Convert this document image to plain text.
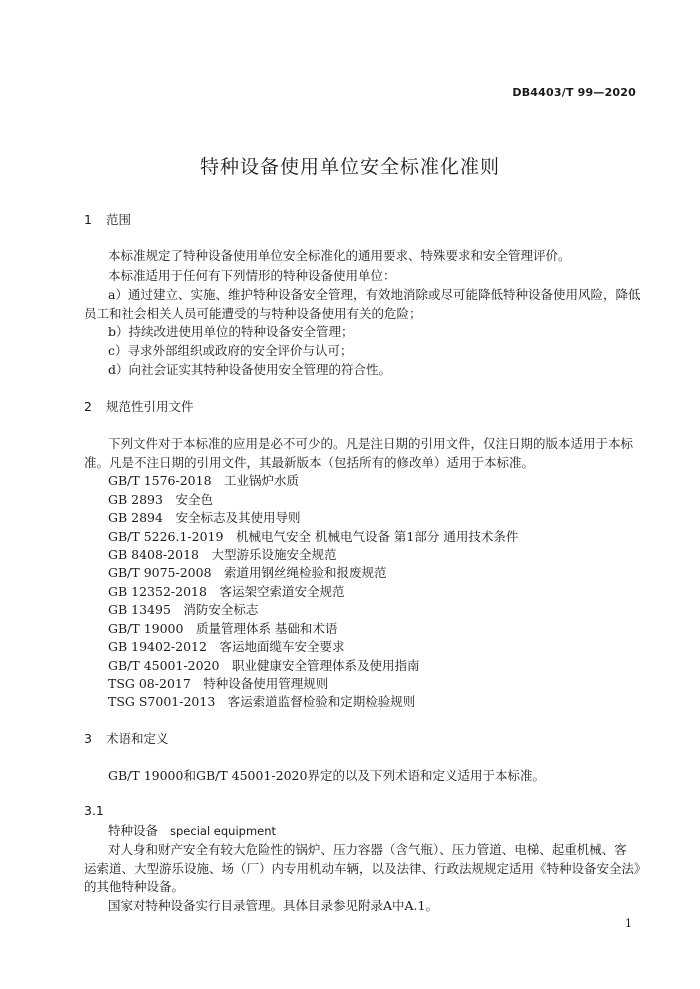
DB4403/T 99—2020
特种设备使用单位安全标准化准则
1 范围
本标准规定了特种设备使用单位安全标准化的通用要求、特殊要求和安全管理评价。
本标准适用于任何有下列情形的特种设备使用单位：
a）通过建立、实施、维护特种设备安全管理，有效地消除或尽可能降低特种设备使用风险，降低
员工和社会相关人员可能遭受的与特种设备使用有关的危险；
b）持续改进使用单位的特种设备安全管理；
c）寻求外部组织或政府的安全评价与认可；
d）向社会证实其特种设备使用安全管理的符合性。
2 规范性引用文件
下列文件对于本标准的应用是必不可少的。凡是注日期的引用文件，仅注日期的版本适用于本标
准。凡是不注日期的引用文件，其最新版本（包括所有的修改单）适用于本标准。
GB/T 1576-2018　工业锅炉水质
GB 2893　安全色
GB 2894　安全标志及其使用导则
GB/T 5226.1-2019　机械电气安全 机械电气设备 第1部分 通用技术条件
GB 8408-2018　大型游乐设施安全规范
GB/T 9075-2008　索道用钢丝绳检验和报废规范
GB 12352-2018　客运架空索道安全规范
GB 13495　消防安全标志
GB/T 19000　质量管理体系 基础和术语
GB 19402-2012　客运地面缆车安全要求
GB/T 45001-2020　职业健康安全管理体系及使用指南
TSG 08-2017　特种设备使用管理规则
TSG S7001-2013　客运索道监督检验和定期检验规则
3 术语和定义
GB/T 19000和GB/T 45001-2020界定的以及下列术语和定义适用于本标准。
3.1
特种设备 special equipment
对人身和财产安全有较大危险性的锅炉、压力容器（含气瓶）、压力管道、电梯、起重机械、客
运索道、大型游乐设施、场（厂）内专用机动车辆，以及法律、行政法规规定适用《特种设备安全法》
的其他特种设备。
国家对特种设备实行目录管理。具体目录参见附录A中A.1。
1
